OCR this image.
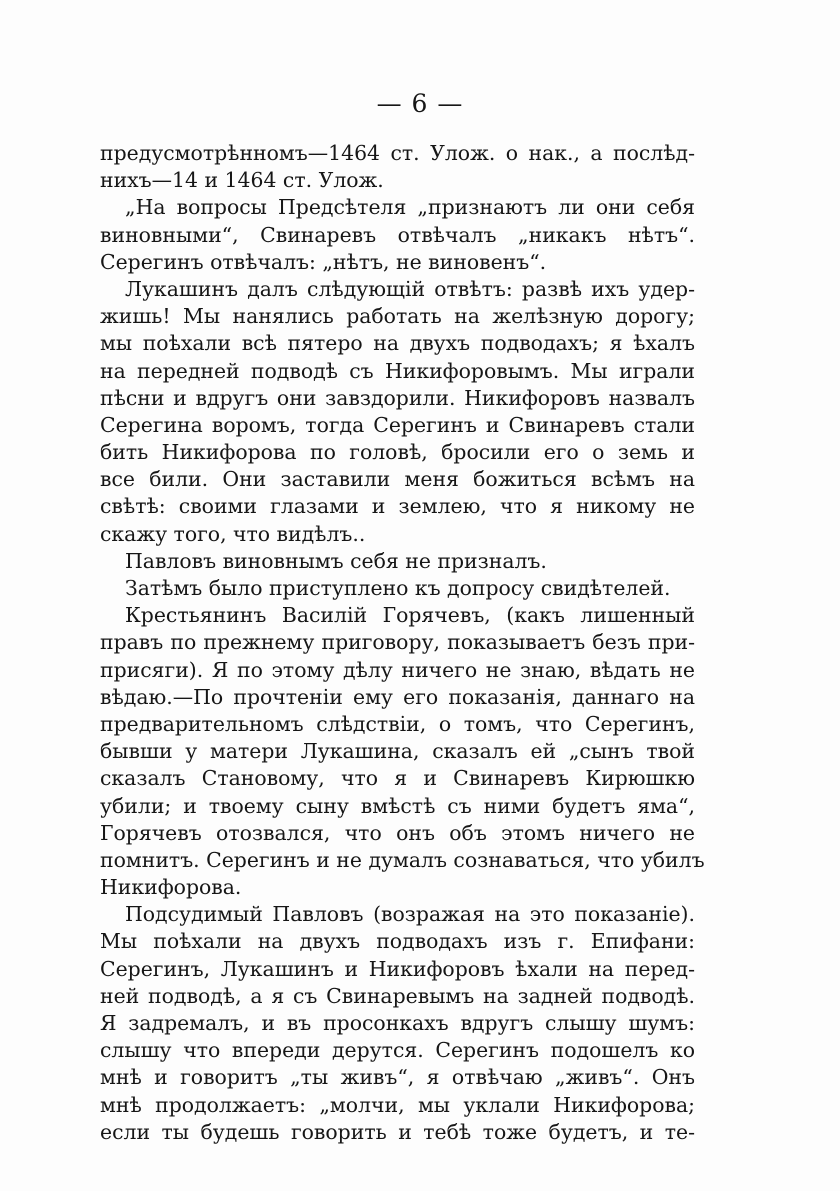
— 6 —
предусмотрѣнномъ—1464 ст. Улож. о нак., а послѣд-
нихъ—14 и 1464 ст. Улож.
„На вопросы Предсѣтеля „признаютъ ли они себя
виновными“, Свинаревъ отвѣчалъ „никакъ нѣтъ“.
Серегинъ отвѣчалъ: „нѣтъ, не виновенъ“.
Лукашинъ далъ слѣдующій отвѣтъ: развѣ ихъ удер-
жишь! Мы нанялись работать на желѣзную дорогу;
мы поѣхали всѣ пятеро на двухъ подводахъ; я ѣхалъ
на передней подводѣ съ Никифоровымъ. Мы играли
пѣсни и вдругъ они завздорили. Никифоровъ назвалъ
Серегина воромъ, тогда Серегинъ и Свинаревъ стали
бить Никифорова по головѣ, бросили его о земь и
все били. Они заставили меня божиться всѣмъ на
свѣтѣ: своими глазами и землею, что я никому не
скажу того, что видѣлъ..
Павловъ виновнымъ себя не призналъ.
Затѣмъ было приступлено къ допросу свидѣтелей.
Крестьянинъ Василій Горячевъ, (какъ лишенный
правъ по прежнему приговору, показываетъ безъ при-
присяги). Я по этому дѣлу ничего не знаю, вѣдать не
вѣдаю.—По прочтеніи ему его показанія, даннаго на
предварительномъ слѣдствіи, о томъ, что Серегинъ,
бывши у матери Лукашина, сказалъ ей „сынъ твой
сказалъ Становому, что я и Свинаревъ Кирюшкю
убили; и твоему сыну вмѣстѣ съ ними будетъ яма“,
Горячевъ отозвался, что онъ объ этомъ ничего не
помнитъ. Серегинъ и не думалъ сознаваться, что убилъ
Никифорова.
Подсудимый Павловъ (возражая на это показаніе).
Мы поѣхали на двухъ подводахъ изъ г. Епифани:
Серегинъ, Лукашинъ и Никифоровъ ѣхали на перед-
ней подводѣ, а я съ Свинаревымъ на задней подводѣ.
Я задремалъ, и въ просонкахъ вдругъ слышу шумъ:
слышу что впереди дерутся. Серегинъ подошелъ ко
мнѣ и говоритъ „ты живъ“, я отвѣчаю „живъ“. Онъ
мнѣ продолжаетъ: „молчи, мы уклали Никифорова;
если ты будешь говорить и тебѣ тоже будетъ, и те-
